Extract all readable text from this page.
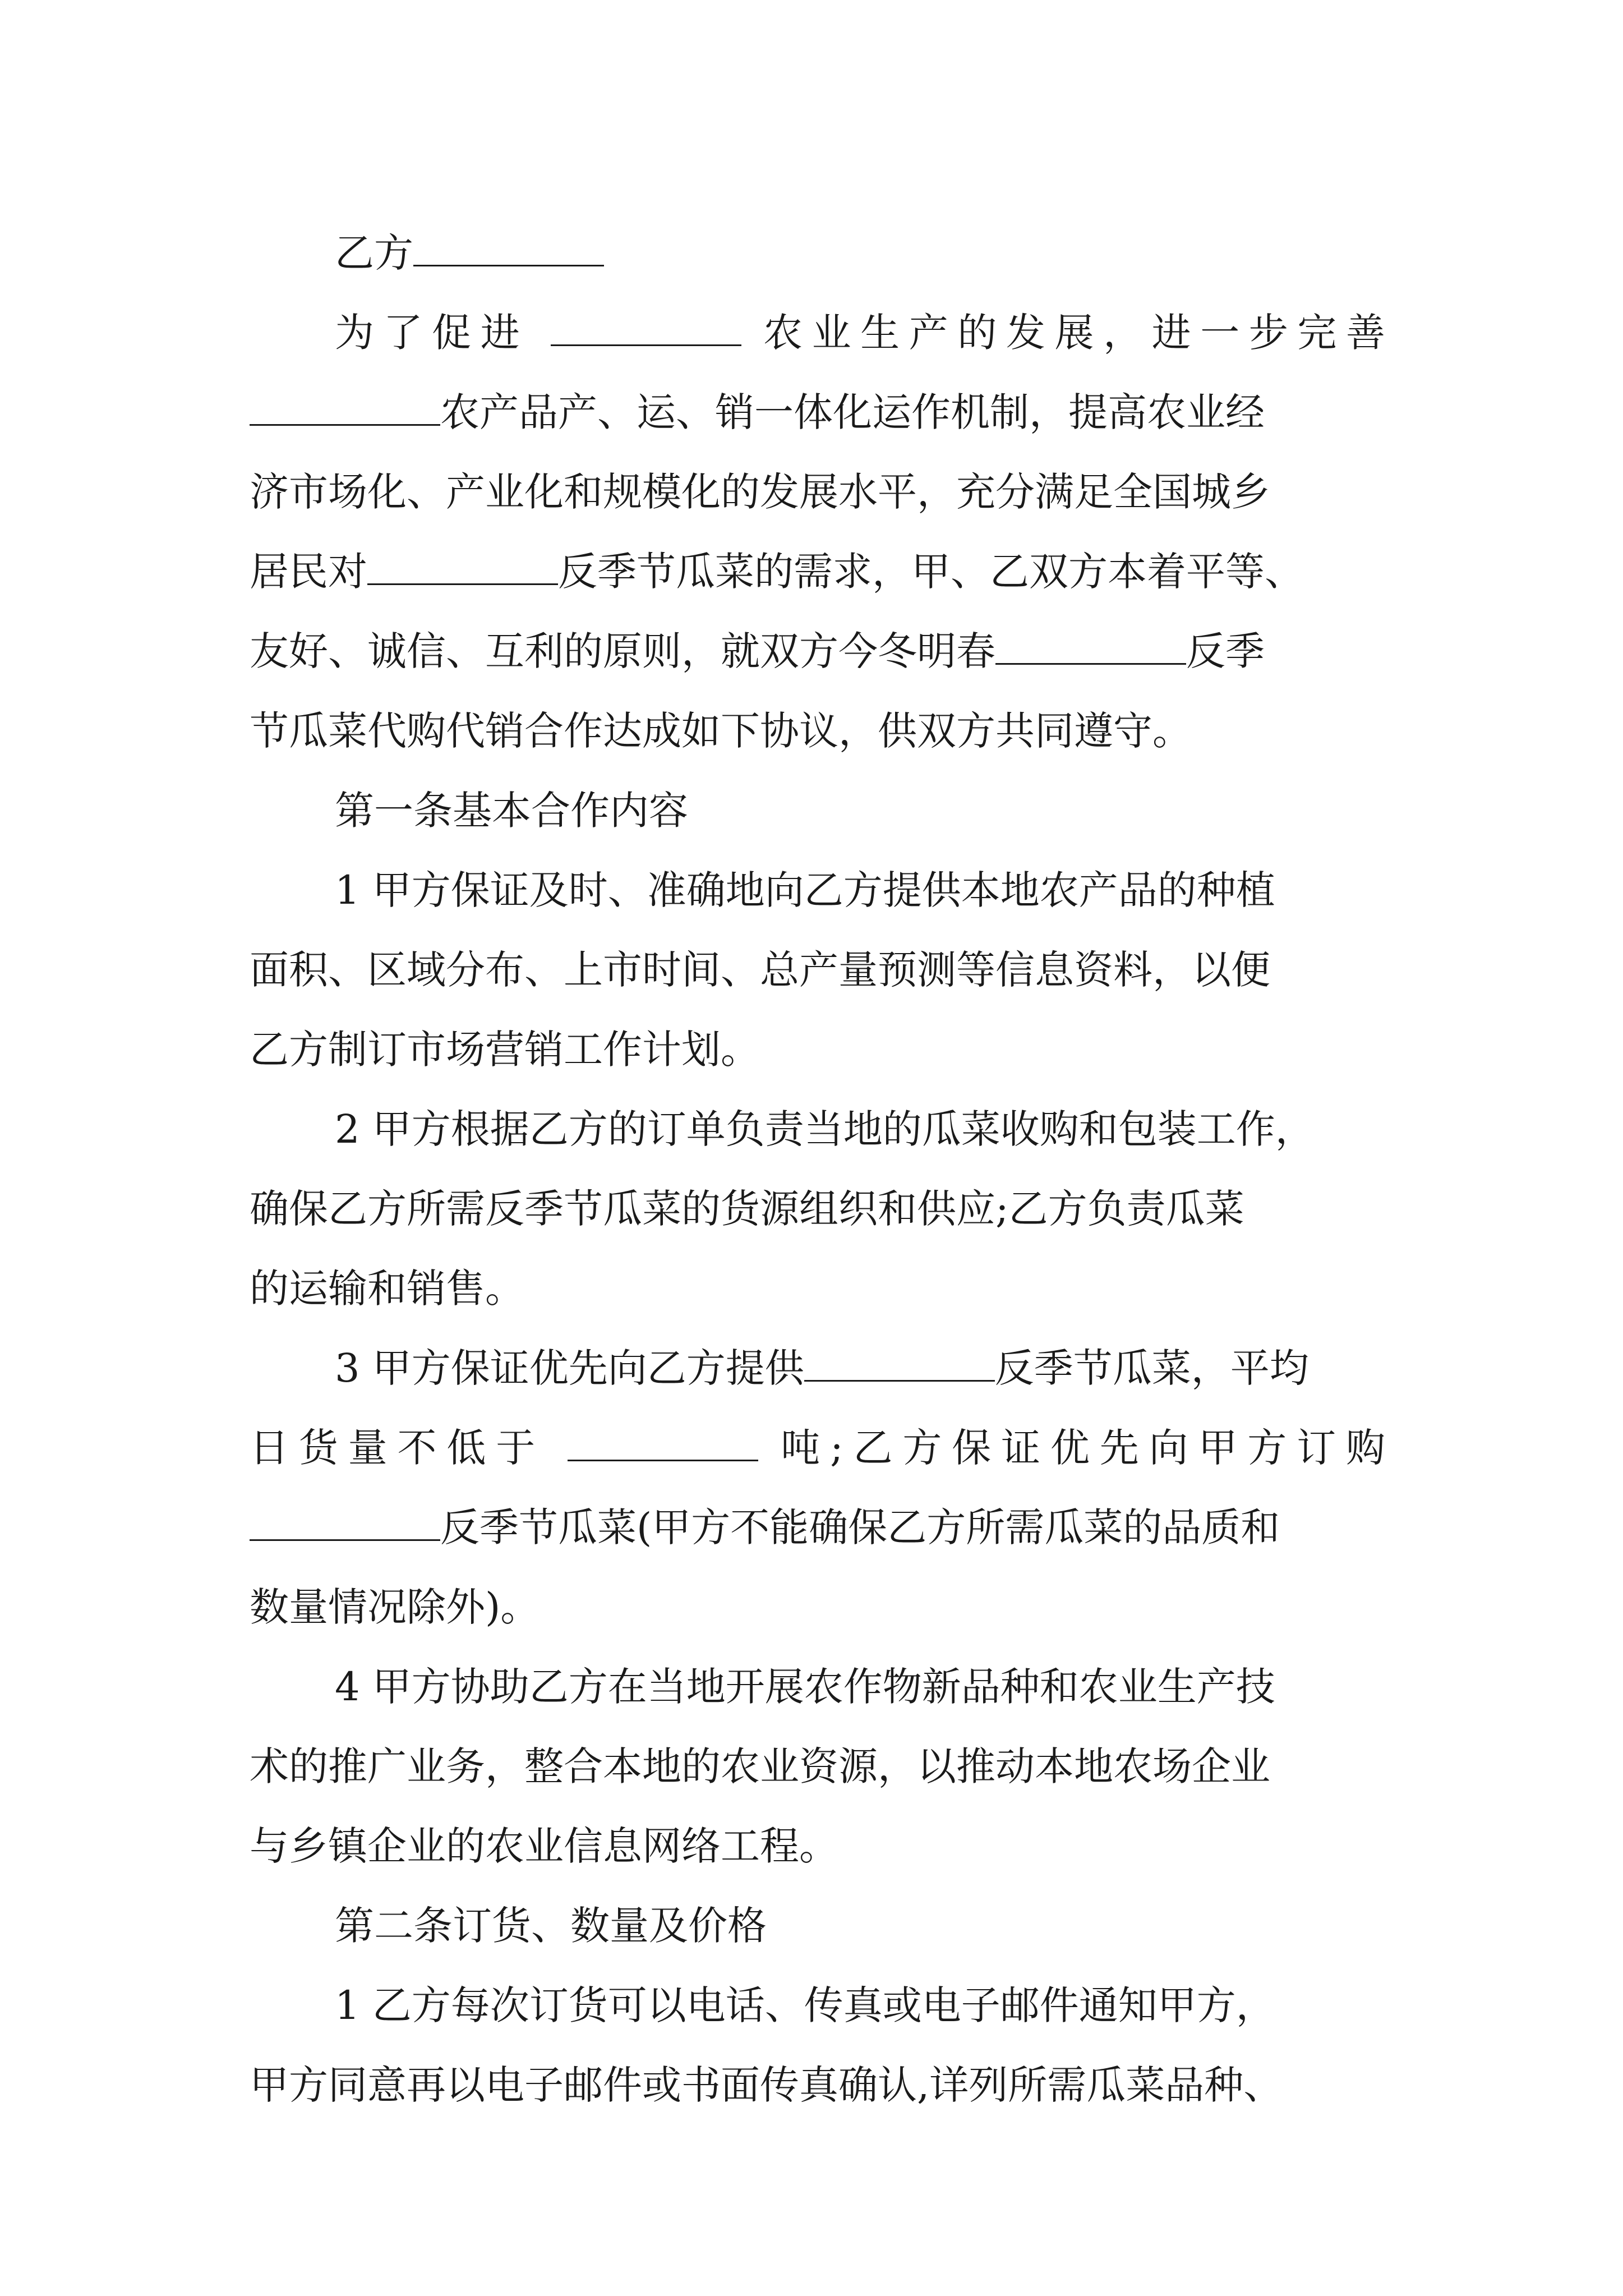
乙方
为了促进	农业生产的发展，进一步完善
农产品产、运、销一体化运作机制，提高农业经
济市场化、产业化和规模化的发展水平，充分满足全国城乡
居民对	反季节瓜菜的需求，甲、乙双方本着平等、
友好、诚信、互利的原则，就双方今冬明春	反季
节瓜菜代购代销合作达成如下协议，供双方共同遵守。
第一条基本合作内容
1 甲方保证及时、准确地向乙方提供本地农产品的种植
面积、区域分布、上市时间、总产量预测等信息资料，以便
乙方制订市场营销工作计划。
2 甲方根据乙方的订单负责当地的瓜菜收购和包装工作，
确保乙方所需反季节瓜菜的货源组织和供应;乙方负责瓜菜
的运输和销售。
3 甲方保证优先向乙方提供	反季节瓜菜，平均
日货量不低于	吨;乙方保证优先向甲方订购
反季节瓜菜(甲方不能确保乙方所需瓜菜的品质和
数量情况除外)。
4 甲方协助乙方在当地开展农作物新品种和农业生产技
术的推广业务，整合本地的农业资源，以推动本地农场企业
与乡镇企业的农业信息网络工程。
第二条订货、数量及价格
1 乙方每次订货可以电话、传真或电子邮件通知甲方，
甲方同意再以电子邮件或书面传真确认,详列所需瓜菜品种、
